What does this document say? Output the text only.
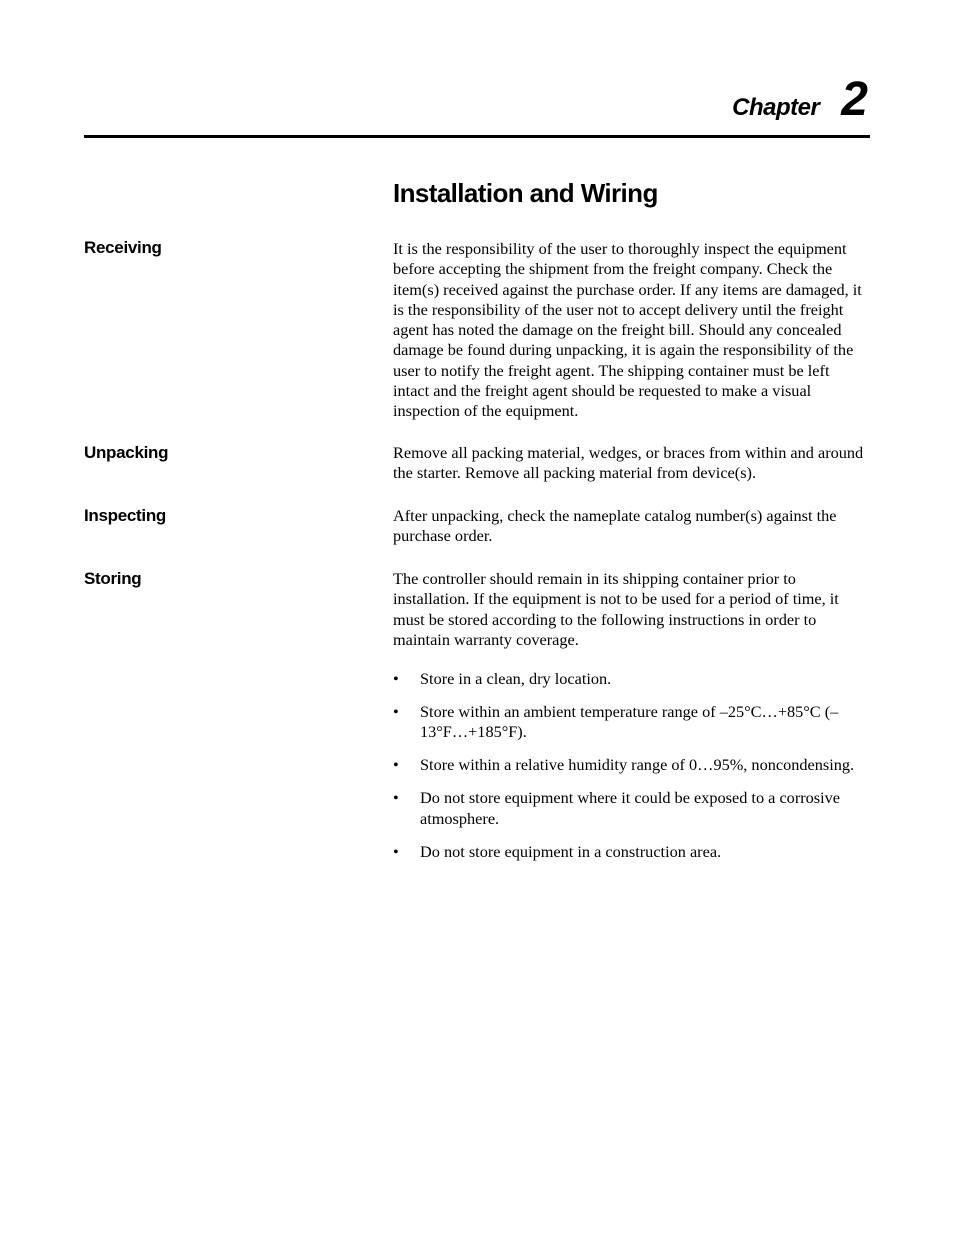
Chapter 2
Installation and Wiring
Receiving	It is the responsibility of the user to thoroughly inspect the equipment before accepting the shipment from the freight company. Check the item(s) received against the purchase order. If any items are damaged, it is the responsibility of the user not to accept delivery until the freight agent has noted the damage on the freight bill. Should any concealed damage be found during unpacking, it is again the responsibility of the user to notify the freight agent. The shipping container must be left intact and the freight agent should be requested to make a visual inspection of the equipment.

Unpacking	Remove all packing material, wedges, or braces from within and around the starter. Remove all packing material from device(s).

Inspecting	After unpacking, check the nameplate catalog number(s) against the purchase order.

Storing	The controller should remain in its shipping container prior to installation. If the equipment is not to be used for a period of time, it must be stored according to the following instructions in order to maintain warranty coverage.

• Store in a clean, dry location.
• Store within an ambient temperature range of –25°C…+85°C (–13°F…+185°F).
• Store within a relative humidity range of 0…95%, noncondensing.
• Do not store equipment where it could be exposed to a corrosive atmosphere.
• Do not store equipment in a construction area.
